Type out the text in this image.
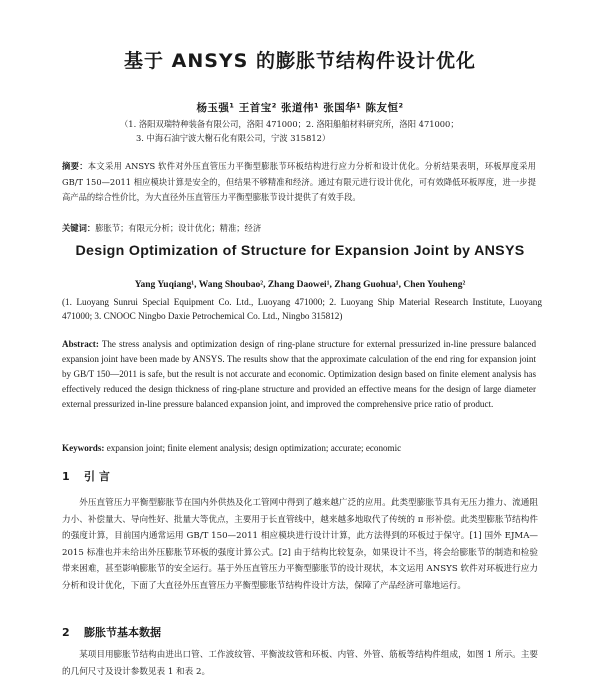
基于 ANSYS 的膨胀节结构件设计优化
杨玉强¹ 王首宝² 张道伟¹ 张国华¹ 陈友恒²
（1. 洛阳双瑞特种装备有限公司，洛阳 471000；2. 洛阳船舶材料研究所，洛阳 471000；
3. 中海石油宁波大榭石化有限公司，宁波 315812）
摘要：本文采用 ANSYS 软件对外压直管压力平衡型膨胀节环板结构进行应力分析和设计优化。分析结果表明，环板厚度采用 GB/T 150—2011 相应模块计算是安全的，但结果不够精准和经济。通过有限元进行设计优化，可有效降低环板厚度，进一步提高产品的综合性价比，为大直径外压直管压力平衡型膨胀节设计提供了有效手段。
关键词：膨胀节；有限元分析；设计优化；精准；经济
Design Optimization of Structure for Expansion Joint by ANSYS
Yang Yuqiang¹, Wang Shoubao², Zhang Daowei¹, Zhang Guohua¹, Chen Youheng²
(1. Luoyang Sunrui Special Equipment Co. Ltd., Luoyang 471000; 2. Luoyang Ship Material Research Institute, Luoyang 471000; 3. CNOOC Ningbo Daxie Petrochemical Co. Ltd., Ningbo 315812)
Abstract: The stress analysis and optimization design of ring-plane structure for external pressurized in-line pressure balanced expansion joint have been made by ANSYS. The results show that the approximate calculation of the end ring for expansion joint by GB/T 150—2011 is safe, but the result is not accurate and economic. Optimization design based on finite element analysis has effectively reduced the design thickness of ring-plane structure and provided an effective means for the design of large diameter external pressurized in-line pressure balanced expansion joint, and improved the comprehensive price ratio of product.
Keywords: expansion joint; finite element analysis; design optimization; accurate; economic
1 引 言

外压直管压力平衡型膨胀节在国内外供热及化工管网中得到了越来越广泛的应用。此类型膨胀节具有无压力推力、流通阻力小、补偿量大、导向性好、批量大等优点，主要用于长直管线中，越来越多地取代了传统的 π 形补偿。此类型膨胀节结构件的强度计算，目前国内通常运用 GB/T 150—2011 相应模块进行设计计算，此方法得到的环板过于保守。[1] 国外 EJMA—2015 标准也并未给出外压膨胀节环板的强度计算公式。[2] 由于结构比较复杂，如果设计不当，将会给膨胀节的制造和检验带来困难，甚至影响膨胀节的安全运行。基于外压直管压力平衡型膨胀节的设计现状，本文运用 ANSYS 软件对环板进行应力分析和设计优化，下面了大直径外压直管压力平衡型膨胀节结构件设计方法，保障了产品经济可靠地运行。

2 膨胀节基本数据

某项目用膨胀节结构由进出口管、工作波纹管、平衡波纹管和环板、内管、外管、筋板等结构件组成，如图 1 所示。主要的几何尺寸及设计参数见表 1 和表 2。
